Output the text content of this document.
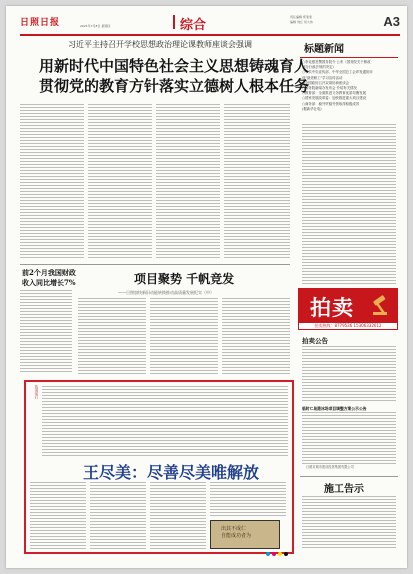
日照日报	2021年7月8日 星期四	综合
责任编辑 郑斐斐
编辑 刘红 何大伟	A3
习近平主持召开学校思想政治理论课教师座谈会强调
用新时代中国特色社会主义思想铸魂育人
贯彻党的教育方针落实立德树人根本任务
前2个月我国财政
收入同比增长7%	项目聚势 千帆竞发
——日照加快新旧动能转换推动高质量发展纪实（中）
标题新闻
○李克强签署国务院令 公布《国务院关于修改
部分行政法规的决定》
○中共中央宣传部、中华全国总工会印发通知评
选"最美职工"学习宣传活动
○全国政协召开双周协商座谈会
○国务院新闻办发布会 介绍有关情况
○教育部：全面推进义务教育优质均衡发展
○国家发展改革委：加快推进重大项目建设
○商务部：稳外贸稳外资取得积极成效
(据新华社电)
拍卖
拍卖热线：8779536 15306332612
拍卖公告
临时Ｃ岛港冰场项目调整方案公示公告
日照市城市建设投资集团有限公司
施工告示
执著前行
王尽美：尽善尽美唯解放
出其不成仁
自能成功者为
